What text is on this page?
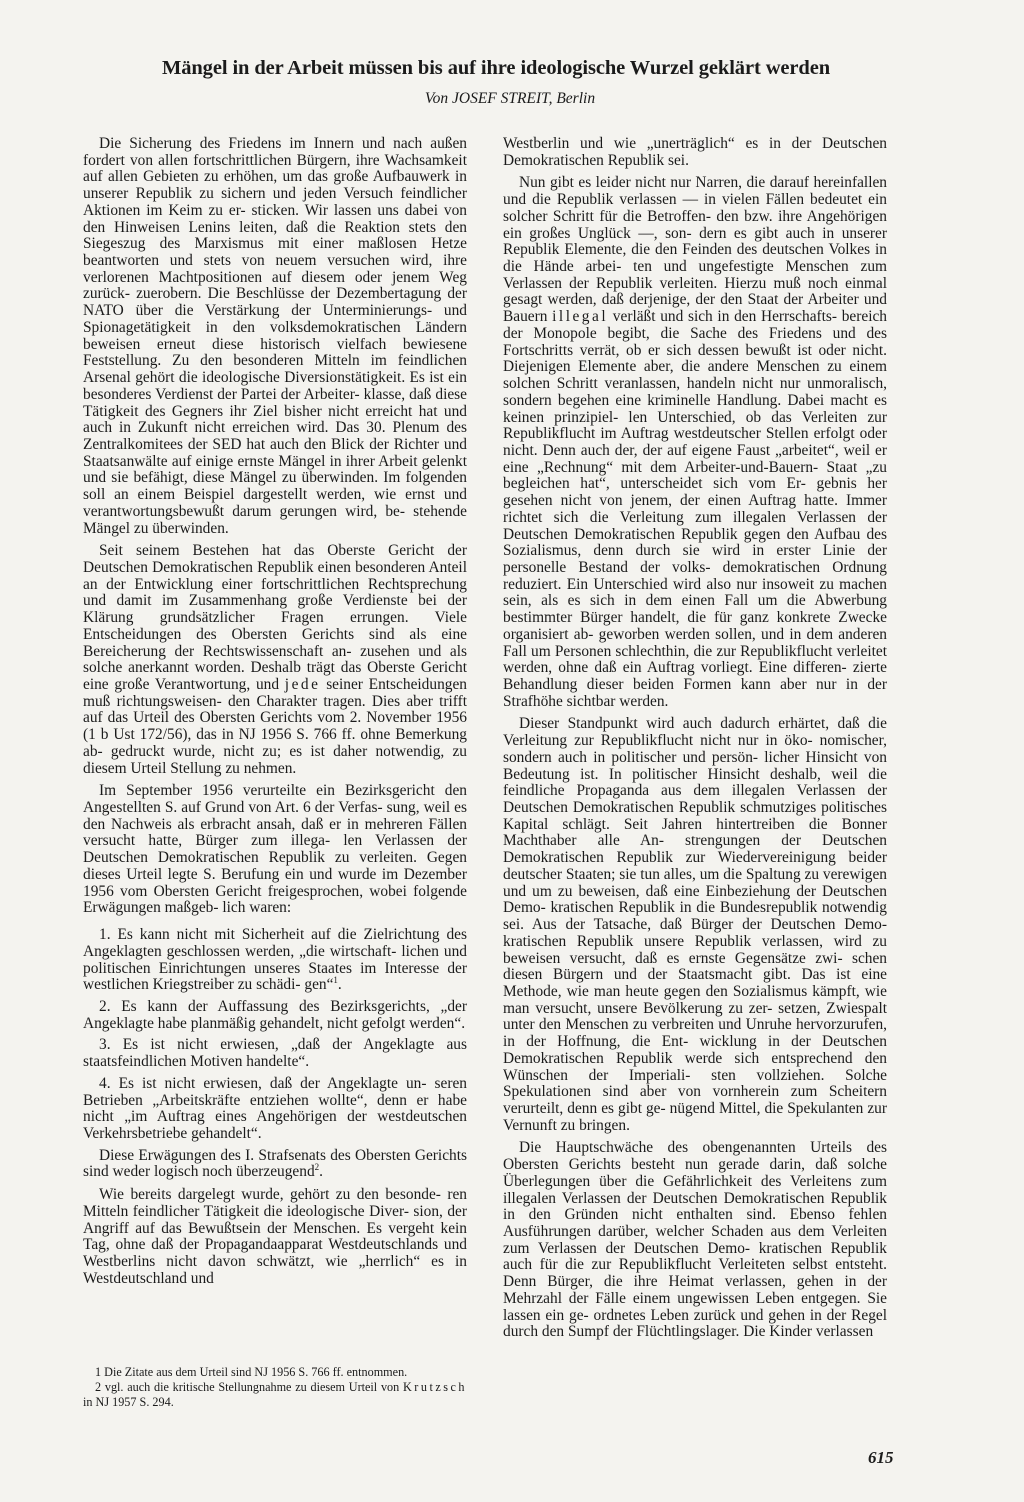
Mängel in der Arbeit müssen bis auf ihre ideologische Wurzel geklärt werden

Von JOSEF STREIT, Berlin

Die Sicherung des Friedens im Innern und nach außen fordert von allen fortschrittlichen Bürgern, ihre Wachsamkeit auf allen Gebieten zu erhöhen, um das große Aufbauwerk in unserer Republik zu sichern und jeden Versuch feindlicher Aktionen im Keim zu er- sticken. Wir lassen uns dabei von den Hinweisen Lenins leiten, daß die Reaktion stets den Siegeszug des Marxismus mit einer maßlosen Hetze beantworten und stets von neuem versuchen wird, ihre verlorenen Machtpositionen auf diesem oder jenem Weg zurück- zuerobern. Die Beschlüsse der Dezembertagung der NATO über die Verstärkung der Unterminierungs- und Spionagetätigkeit in den volksdemokratischen Ländern beweisen erneut diese historisch vielfach bewiesene Feststellung. Zu den besonderen Mitteln im feindlichen Arsenal gehört die ideologische Diversionstätigkeit. Es ist ein besonderes Verdienst der Partei der Arbeiter- klasse, daß diese Tätigkeit des Gegners ihr Ziel bisher nicht erreicht hat und auch in Zukunft nicht erreichen wird. Das 30. Plenum des Zentralkomitees der SED hat auch den Blick der Richter und Staatsanwälte auf einige ernste Mängel in ihrer Arbeit gelenkt und sie befähigt, diese Mängel zu überwinden. Im folgenden soll an einem Beispiel dargestellt werden, wie ernst und verantwortungsbewußt darum gerungen wird, be- stehende Mängel zu überwinden.

Seit seinem Bestehen hat das Oberste Gericht der Deutschen Demokratischen Republik einen besonderen Anteil an der Entwicklung einer fortschrittlichen Rechtsprechung und damit im Zusammenhang große Verdienste bei der Klärung grundsätzlicher Fragen errungen. Viele Entscheidungen des Obersten Gerichts sind als eine Bereicherung der Rechtswissenschaft an- zusehen und als solche anerkannt worden. Deshalb trägt das Oberste Gericht eine große Verantwortung, und jede seiner Entscheidungen muß richtungsweisen- den Charakter tragen. Dies aber trifft auf das Urteil des Obersten Gerichts vom 2. November 1956 (1 b Ust 172/56), das in NJ 1956 S. 766 ff. ohne Bemerkung ab- gedruckt wurde, nicht zu; es ist daher notwendig, zu diesem Urteil Stellung zu nehmen.

Im September 1956 verurteilte ein Bezirksgericht den Angestellten S. auf Grund von Art. 6 der Verfas- sung, weil es den Nachweis als erbracht ansah, daß er in mehreren Fällen versucht hatte, Bürger zum illega- len Verlassen der Deutschen Demokratischen Republik zu verleiten. Gegen dieses Urteil legte S. Berufung ein und wurde im Dezember 1956 vom Obersten Gericht freigesprochen, wobei folgende Erwägungen maßgeb- lich waren:

1. Es kann nicht mit Sicherheit auf die Zielrichtung des Angeklagten geschlossen werden, „die wirtschaft- lichen und politischen Einrichtungen unseres Staates im Interesse der westlichen Kriegstreiber zu schädi- gen“$^1$.

2. Es kann der Auffassung des Bezirksgerichts, „der Angeklagte habe planmäßig gehandelt, nicht gefolgt werden“.

3. Es ist nicht erwiesen, „daß der Angeklagte aus staatsfeindlichen Motiven handelte“.

4. Es ist nicht erwiesen, daß der Angeklagte un- seren Betrieben „Arbeitskräfte entziehen wollte“, denn er habe nicht „im Auftrag eines Angehörigen der westdeutschen Verkehrsbetriebe gehandelt“.

Diese Erwägungen des I. Strafsenats des Obersten Gerichts sind weder logisch noch überzeugend$^2$.

Wie bereits dargelegt wurde, gehört zu den besonde- ren Mitteln feindlicher Tätigkeit die ideologische Diver- sion, der Angriff auf das Bewußtsein der Menschen. Es vergeht kein Tag, ohne daß der Propagandaapparat Westdeutschlands und Westberlins nicht davon schwätzt, wie „herrlich“ es in Westdeutschland und

1 Die Zitate aus dem Urteil sind NJ 1956 S. 766 ff. entnommen.

2 vgl. auch die kritische Stellungnahme zu diesem Urteil von Krutzsch in NJ 1957 S. 294.

Westberlin und wie „unerträglich“ es in der Deutschen Demokratischen Republik sei.

Nun gibt es leider nicht nur Narren, die darauf hereinfallen und die Republik verlassen — in vielen Fällen bedeutet ein solcher Schritt für die Betroffen- den bzw. ihre Angehörigen ein großes Unglück —, son- dern es gibt auch in unserer Republik Elemente, die den Feinden des deutschen Volkes in die Hände arbei- ten und ungefestigte Menschen zum Verlassen der Republik verleiten. Hierzu muß noch einmal gesagt werden, daß derjenige, der den Staat der Arbeiter und Bauern illegal verläßt und sich in den Herrschafts- bereich der Monopole begibt, die Sache des Friedens und des Fortschritts verrät, ob er sich dessen bewußt ist oder nicht. Diejenigen Elemente aber, die andere Menschen zu einem solchen Schritt veranlassen, handeln nicht nur unmoralisch, sondern begehen eine kriminelle Handlung. Dabei macht es keinen prinzipiel- len Unterschied, ob das Verleiten zur Republikflucht im Auftrag westdeutscher Stellen erfolgt oder nicht. Denn auch der, der auf eigene Faust „arbeitet“, weil er eine „Rechnung“ mit dem Arbeiter-und-Bauern- Staat „zu begleichen hat“, unterscheidet sich vom Er- gebnis her gesehen nicht von jenem, der einen Auftrag hatte. Immer richtet sich die Verleitung zum illegalen Verlassen der Deutschen Demokratischen Republik gegen den Aufbau des Sozialismus, denn durch sie wird in erster Linie der personelle Bestand der volks- demokratischen Ordnung reduziert. Ein Unterschied wird also nur insoweit zu machen sein, als es sich in dem einen Fall um die Abwerbung bestimmter Bürger handelt, die für ganz konkrete Zwecke organisiert ab- geworben werden sollen, und in dem anderen Fall um Personen schlechthin, die zur Republikflucht verleitet werden, ohne daß ein Auftrag vorliegt. Eine differen- zierte Behandlung dieser beiden Formen kann aber nur in der Strafhöhe sichtbar werden.

Dieser Standpunkt wird auch dadurch erhärtet, daß die Verleitung zur Republikflucht nicht nur in öko- nomischer, sondern auch in politischer und persön- licher Hinsicht von Bedeutung ist. In politischer Hinsicht deshalb, weil die feindliche Propaganda aus dem illegalen Verlassen der Deutschen Demokratischen Republik schmutziges politisches Kapital schlägt. Seit Jahren hintertreiben die Bonner Machthaber alle An- strengungen der Deutschen Demokratischen Republik zur Wiedervereinigung beider deutscher Staaten; sie tun alles, um die Spaltung zu verewigen und um zu beweisen, daß eine Einbeziehung der Deutschen Demo- kratischen Republik in die Bundesrepublik notwendig sei. Aus der Tatsache, daß Bürger der Deutschen Demo- kratischen Republik unsere Republik verlassen, wird zu beweisen versucht, daß es ernste Gegensätze zwi- schen diesen Bürgern und der Staatsmacht gibt. Das ist eine Methode, wie man heute gegen den Sozialismus kämpft, wie man versucht, unsere Bevölkerung zu zer- setzen, Zwiespalt unter den Menschen zu verbreiten und Unruhe hervorzurufen, in der Hoffnung, die Ent- wicklung in der Deutschen Demokratischen Republik werde sich entsprechend den Wünschen der Imperiali- sten vollziehen. Solche Spekulationen sind aber von vornherein zum Scheitern verurteilt, denn es gibt ge- nügend Mittel, die Spekulanten zur Vernunft zu bringen.

Die Hauptschwäche des obengenannten Urteils des Obersten Gerichts besteht nun gerade darin, daß solche Überlegungen über die Gefährlichkeit des Verleitens zum illegalen Verlassen der Deutschen Demokratischen Republik in den Gründen nicht enthalten sind. Ebenso fehlen Ausführungen darüber, welcher Schaden aus dem Verleiten zum Verlassen der Deutschen Demo- kratischen Republik auch für die zur Republikflucht Verleiteten selbst entsteht. Denn Bürger, die ihre Heimat verlassen, gehen in der Mehrzahl der Fälle einem ungewissen Leben entgegen. Sie lassen ein ge- ordnetes Leben zurück und gehen in der Regel durch den Sumpf der Flüchtlingslager. Die Kinder verlassen

615
